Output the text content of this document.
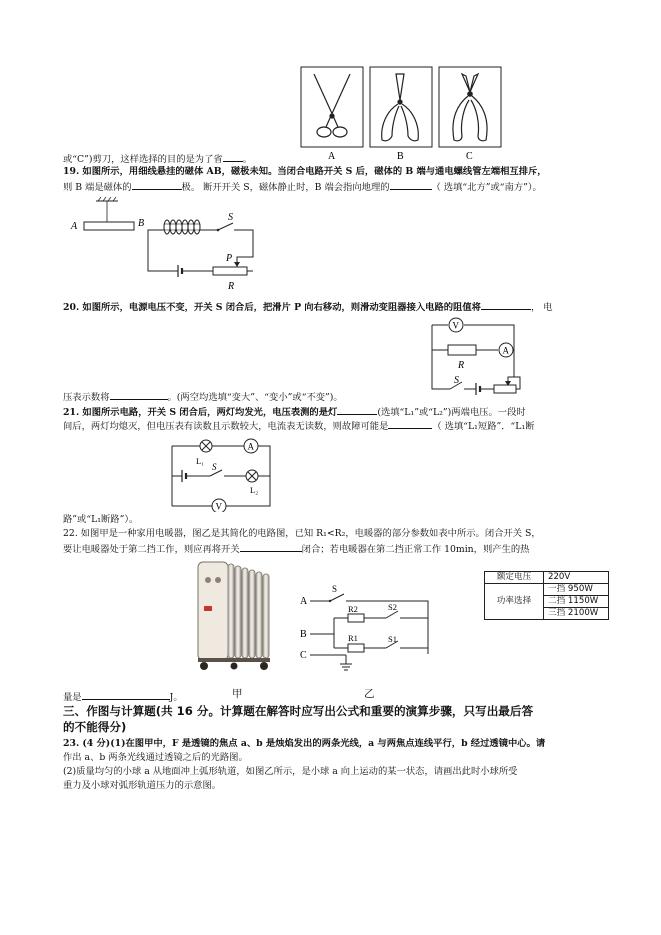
A	B	C
或“C”)剪刀，这样选择的目的是为了省 。
19. 如图所示，用细线悬挂的磁体 AB，磁极未知。当闭合电路开关 S 后，磁体的 B 端与通电螺线管左端相互排斥，
则 B 端是磁体的	极。 断开开关 S，磁体静止时，B 端会指向地理的	（ 选填“北方”或“南方”）。
A	B
S
P
R
20. 如图所示，电源电压不变，开关 S 闭合后，把滑片 P 向右移动，则滑动变阻器接入电路的阻值将	， 电
V
A
R
S
压表示数将	。(两空均选填“变大”、“变小”或“不变”)。
21. 如图所示电路，开关 S 闭合后，两灯均发光，电压表测的是灯	(选填“L₁”或“L₂”)两端电压。一段时
间后，两灯均熄灭，但电压表有读数且示数较大，电流表无读数，则故障可能是	（ 选填“L₁短路”．“L₁断
A
L₁
S
L₂
V
路”或“L₁断路”）。
22. 如图甲是一种家用电暖器，图乙是其简化的电路图，已知 R₁<R₂，电暖器的部分参数如表中所示。闭合开关 S，
要让电暖器处于第二挡工作，则应再将开关	闭合；若电暖器在第二挡正常工作 10min，则产生的热
甲
A
B
C
S
R2	S2
R1	S1
乙
额定电压	220V
功率选择	一挡 950W
	二挡 1150W
	三挡 2100W
量是	J。
三、作图与计算题(共 16 分。计算题在解答时应写出公式和重要的演算步骤，只写出最后答
的不能得分)
23. (4 分)(1)在图甲中，F 是透镜的焦点 a、b 是烛焰发出的两条光线，a 与两焦点连线平行，b 经过透镜中心。请
作出 a、b 两条光线通过透镜之后的光路图。
(2)质量均匀的小球 a 从地面冲上弧形轨道，如图乙所示，是小球 a 向上运动的某一状态，请画出此时小球所受
重力及小球对弧形轨道压力的示意图。
